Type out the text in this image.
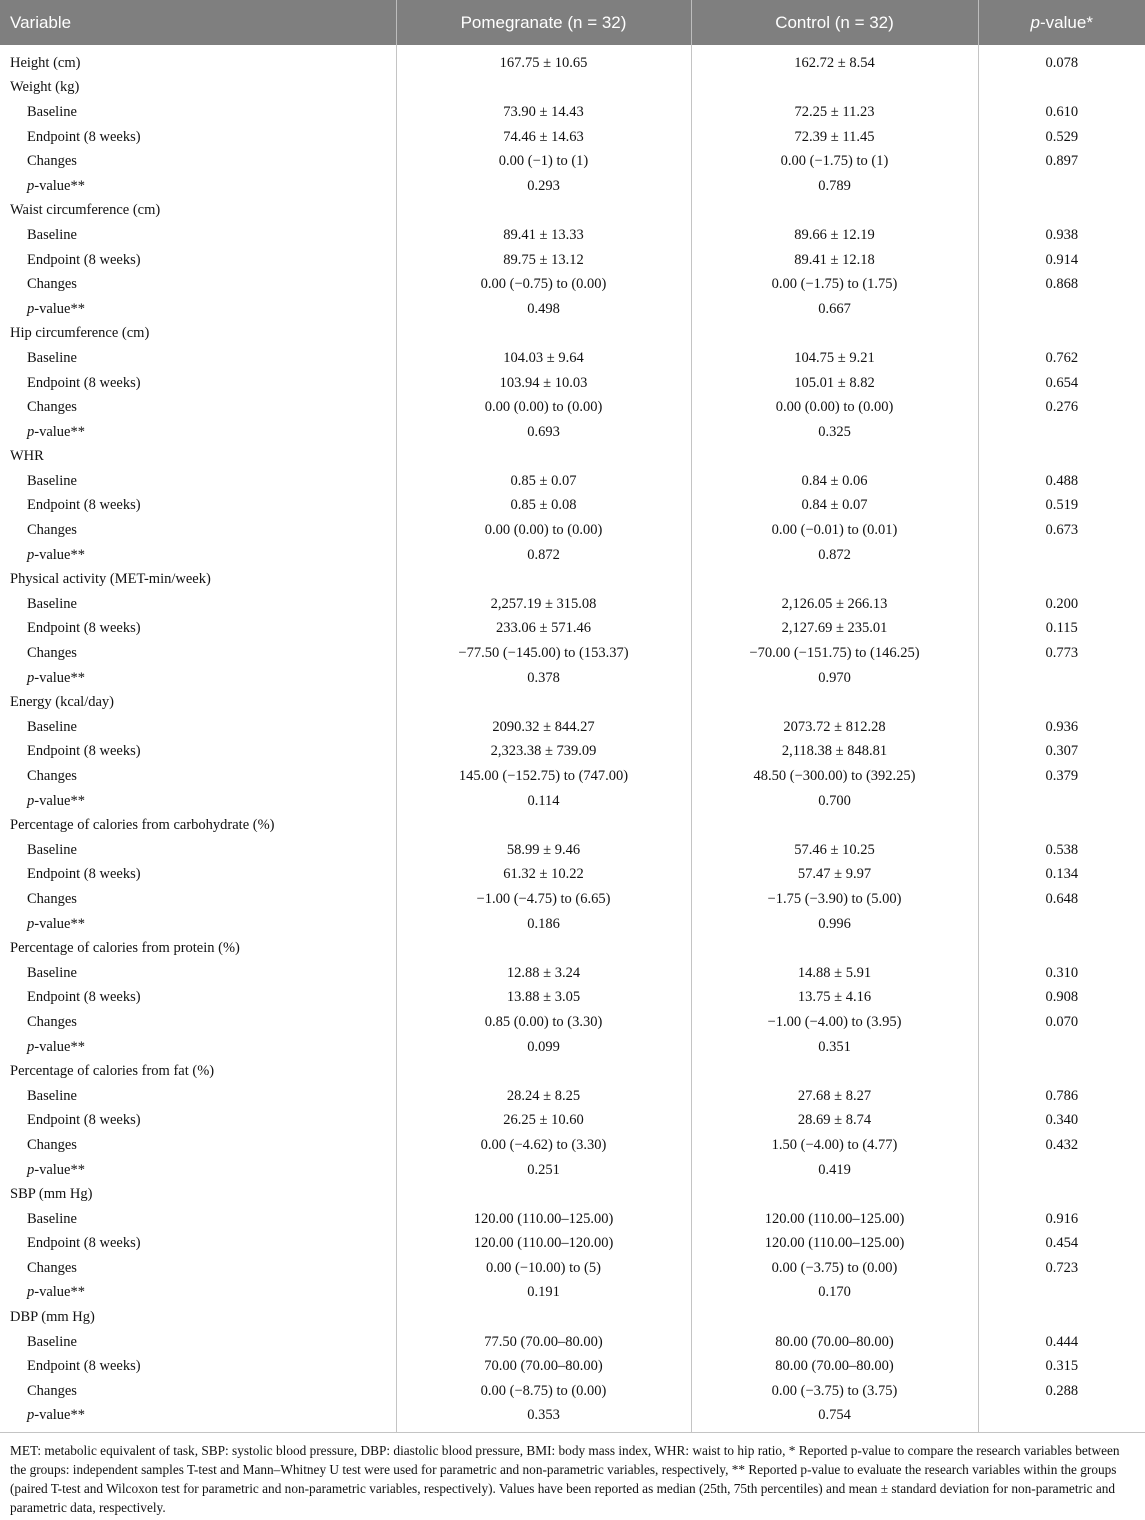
Variable	Pomegranate (n = 32)	Control (n = 32)	p-value*
Height (cm)	167.75 ± 10.65	162.72 ± 8.54	0.078
Weight (kg)			
Baseline	73.90 ± 14.43	72.25 ± 11.23	0.610
Endpoint (8 weeks)	74.46 ± 14.63	72.39 ± 11.45	0.529
Changes	0.00 (−1) to (1)	0.00 (−1.75) to (1)	0.897
p-value**	0.293	0.789	
Waist circumference (cm)			
Baseline	89.41 ± 13.33	89.66 ± 12.19	0.938
Endpoint (8 weeks)	89.75 ± 13.12	89.41 ± 12.18	0.914
Changes	0.00 (−0.75) to (0.00)	0.00 (−1.75) to (1.75)	0.868
p-value**	0.498	0.667	
Hip circumference (cm)			
Baseline	104.03 ± 9.64	104.75 ± 9.21	0.762
Endpoint (8 weeks)	103.94 ± 10.03	105.01 ± 8.82	0.654
Changes	0.00 (0.00) to (0.00)	0.00 (0.00) to (0.00)	0.276
p-value**	0.693	0.325	
WHR			
Baseline	0.85 ± 0.07	0.84 ± 0.06	0.488
Endpoint (8 weeks)	0.85 ± 0.08	0.84 ± 0.07	0.519
Changes	0.00 (0.00) to (0.00)	0.00 (−0.01) to (0.01)	0.673
p-value**	0.872	0.872	
Physical activity (MET-min/week)			
Baseline	2,257.19 ± 315.08	2,126.05 ± 266.13	0.200
Endpoint (8 weeks)	233.06 ± 571.46	2,127.69 ± 235.01	0.115
Changes	−77.50 (−145.00) to (153.37)	−70.00 (−151.75) to (146.25)	0.773
p-value**	0.378	0.970	
Energy (kcal/day)			
Baseline	2090.32 ± 844.27	2073.72 ± 812.28	0.936
Endpoint (8 weeks)	2,323.38 ± 739.09	2,118.38 ± 848.81	0.307
Changes	145.00 (−152.75) to (747.00)	48.50 (−300.00) to (392.25)	0.379
p-value**	0.114	0.700	
Percentage of calories from carbohydrate (%)			
Baseline	58.99 ± 9.46	57.46 ± 10.25	0.538
Endpoint (8 weeks)	61.32 ± 10.22	57.47 ± 9.97	0.134
Changes	−1.00 (−4.75) to (6.65)	−1.75 (−3.90) to (5.00)	0.648
p-value**	0.186	0.996	
Percentage of calories from protein (%)			
Baseline	12.88 ± 3.24	14.88 ± 5.91	0.310
Endpoint (8 weeks)	13.88 ± 3.05	13.75 ± 4.16	0.908
Changes	0.85 (0.00) to (3.30)	−1.00 (−4.00) to (3.95)	0.070
p-value**	0.099	0.351	
Percentage of calories from fat (%)			
Baseline	28.24 ± 8.25	27.68 ± 8.27	0.786
Endpoint (8 weeks)	26.25 ± 10.60	28.69 ± 8.74	0.340
Changes	0.00 (−4.62) to (3.30)	1.50 (−4.00) to (4.77)	0.432
p-value**	0.251	0.419	
SBP (mm Hg)			
Baseline	120.00 (110.00–125.00)	120.00 (110.00–125.00)	0.916
Endpoint (8 weeks)	120.00 (110.00–120.00)	120.00 (110.00–125.00)	0.454
Changes	0.00 (−10.00) to (5)	0.00 (−3.75) to (0.00)	0.723
p-value**	0.191	0.170	
DBP (mm Hg)			
Baseline	77.50 (70.00–80.00)	80.00 (70.00–80.00)	0.444
Endpoint (8 weeks)	70.00 (70.00–80.00)	80.00 (70.00–80.00)	0.315
Changes	0.00 (−8.75) to (0.00)	0.00 (−3.75) to (3.75)	0.288
p-value**	0.353	0.754	
MET: metabolic equivalent of task, SBP: systolic blood pressure, DBP: diastolic blood pressure, BMI: body mass index, WHR: waist to hip ratio, * Reported p-value to compare the research variables between the groups: independent samples T-test and Mann–Whitney U test were used for parametric and non-parametric variables, respectively, ** Reported p-value to evaluate the research variables within the groups (paired T-test and Wilcoxon test for parametric and non-parametric variables, respectively). Values have been reported as median (25th, 75th percentiles) and mean ± standard deviation for non-parametric and parametric data, respectively.
